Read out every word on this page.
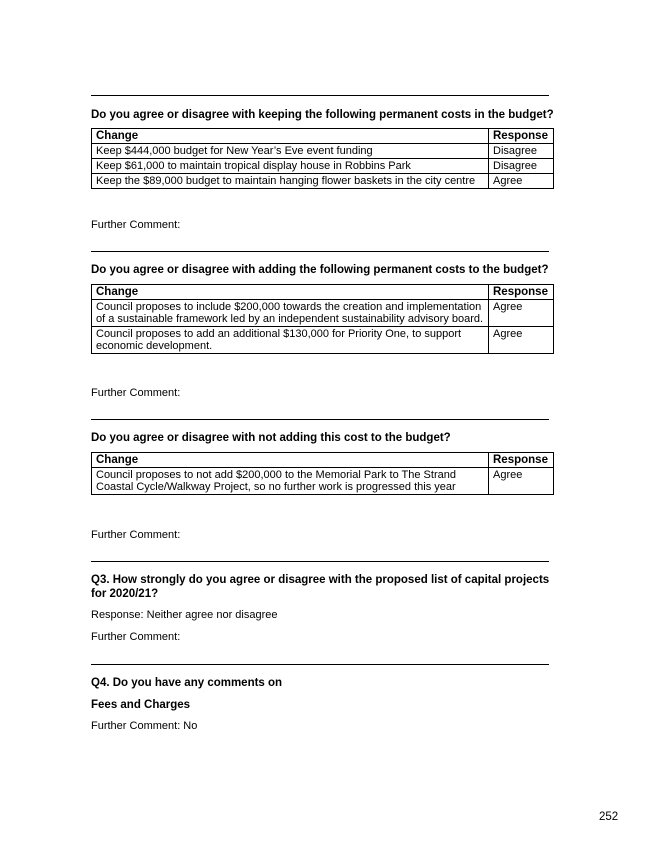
Do you agree or disagree with keeping the following permanent costs in the budget?
Change	Response
Keep $444,000 budget for New Year’s Eve event funding	Disagree
Keep $61,000 to maintain tropical display house in Robbins Park	Disagree
Keep the $89,000 budget to maintain hanging flower baskets in the city centre	Agree
Further Comment:
Do you agree or disagree with adding the following permanent costs to the budget?
Change	Response
Council proposes to include $200,000 towards the creation and implementation of a sustainable framework led by an independent sustainability advisory board.	Agree
Council proposes to add an additional $130,000 for Priority One, to support economic development.	Agree
Further Comment:
Do you agree or disagree with not adding this cost to the budget?
Change	Response
Council proposes to not add $200,000 to the Memorial Park to The Strand Coastal Cycle/Walkway Project, so no further work is progressed this year	Agree
Further Comment:
Q3. How strongly do you agree or disagree with the proposed list of capital projects for 2020/21?
Response: Neither agree nor disagree
Further Comment:
Q4. Do you have any comments on
Fees and Charges
Further Comment: No
252
